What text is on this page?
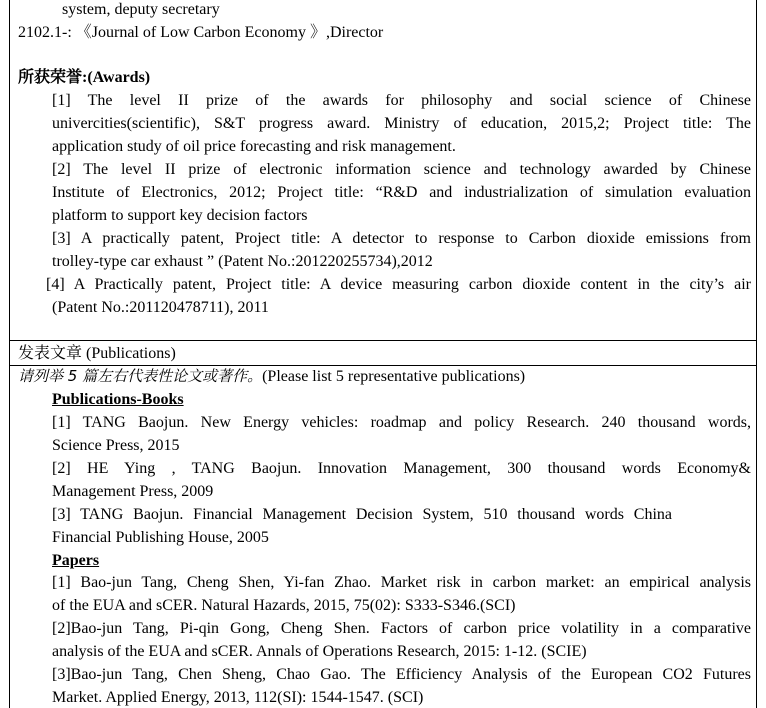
system, deputy secretary
2102.1-: 《Journal of Low Carbon Economy 》,Director
所获荣誉:(Awards)
[1] The level II prize of the awards for philosophy and social science of Chinese
univercities(scientific), S&T progress award. Ministry of education, 2015,2; Project title: The
application study of oil price forecasting and risk management.
[2] The level II prize of electronic information science and technology awarded by Chinese
Institute of Electronics, 2012; Project title: “R&D and industrialization of simulation evaluation
platform to support key decision factors
[3] A practically patent, Project title: A detector to response to Carbon dioxide emissions from
trolley-type car exhaust ” (Patent No.:201220255734),2012
[4] A Practically patent, Project title: A device measuring carbon dioxide content in the city’s air
(Patent No.:201120478711), 2011
发表文章 (Publications)
请列举 5 篇左右代表性论文或著作。(Please list 5 representative publications)
Publications-Books
[1] TANG Baojun. New Energy vehicles: roadmap and policy Research. 240 thousand words,
Science Press, 2015
[2] HE Ying , TANG Baojun. Innovation Management, 300 thousand words Economy&
Management Press, 2009
[3] TANG Baojun. Financial Management Decision System, 510 thousand words China
Financial Publishing House, 2005
Papers
[1] Bao-jun Tang, Cheng Shen, Yi-fan Zhao. Market risk in carbon market: an empirical analysis
of the EUA and sCER. Natural Hazards, 2015, 75(02): S333-S346.(SCI)
[2]Bao-jun Tang, Pi-qin Gong, Cheng Shen. Factors of carbon price volatility in a comparative
analysis of the EUA and sCER. Annals of Operations Research, 2015: 1-12. (SCIE)
[3]Bao-jun Tang, Chen Sheng, Chao Gao. The Efficiency Analysis of the European CO2 Futures
Market. Applied Energy, 2013, 112(SI): 1544-1547. (SCI)
